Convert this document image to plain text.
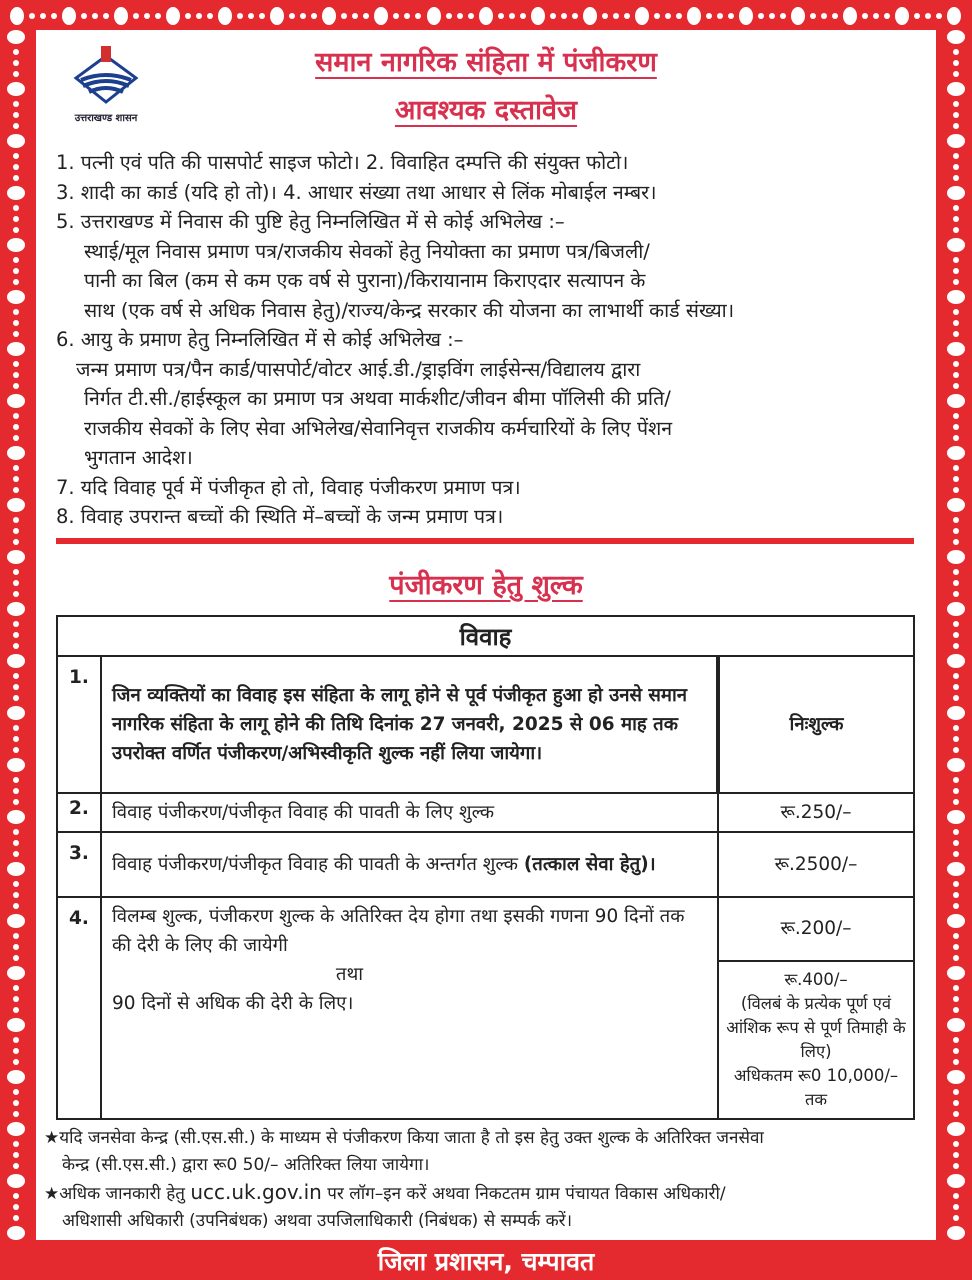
उत्तराखण्ड शासन
समान नागरिक संहिता में पंजीकरण
आवश्यक दस्तावेज
1. पत्नी एवं पति की पासपोर्ट साइज फोटो। 2. विवाहित दम्पत्ति की संयुक्त फोटो।
3. शादी का कार्ड (यदि हो तो)। 4. आधार संख्या तथा आधार से लिंक मोबाईल नम्बर।
5. उत्तराखण्ड में निवास की पुष्टि हेतु निम्नलिखित में से कोई अभिलेख :–
स्थाई/मूल निवास प्रमाण पत्र/राजकीय सेवकों हेतु नियोक्ता का प्रमाण पत्र/बिजली/
पानी का बिल (कम से कम एक वर्ष से पुराना)/किरायानाम किराएदार सत्यापन के
साथ (एक वर्ष से अधिक निवास हेतु)/राज्य/केन्द्र सरकार की योजना का लाभार्थी कार्ड संख्या।
6. आयु के प्रमाण हेतु निम्नलिखित में से कोई अभिलेख :–
जन्म प्रमाण पत्र/पैन कार्ड/पासपोर्ट/वोटर आई.डी./ड्राइविंग लाईसेन्स/विद्यालय द्वारा
निर्गत टी.सी./हाईस्कूल का प्रमाण पत्र अथवा मार्कशीट/जीवन बीमा पॉलिसी की प्रति/
राजकीय सेवकों के लिए सेवा अभिलेख/सेवानिवृत्त राजकीय कर्मचारियों के लिए पेंशन
भुगतान आदेश।
7. यदि विवाह पूर्व में पंजीकृत हो तो, विवाह पंजीकरण प्रमाण पत्र।
8. विवाह उपरान्त बच्चों की स्थिति में–बच्चों के जन्म प्रमाण पत्र।
पंजीकरण हेतु शुल्क
विवाह		
1.	जिन व्यक्तियों का विवाह इस संहिता के लागू होने से पूर्व पंजीकृत हुआ हो उनसे समान नागरिक संहिता के लागू होने की तिथि दिनांक 27 जनवरी, 2025 से 06 माह तक उपरोक्त वर्णित पंजीकरण/अभिस्वीकृति शुल्क नहीं लिया जायेगा।	निःशुल्क
2.	विवाह पंजीकरण/पंजीकृत विवाह की पावती के लिए शुल्क	रू.250/–
3.	विवाह पंजीकरण/पंजीकृत विवाह की पावती के अन्तर्गत शुल्क (तत्काल सेवा हेतु)।	रू.2500/–
4.	विलम्ब शुल्क, पंजीकरण शुल्क के अतिरिक्त देय होगा तथा इसकी गणना 90 दिनों तक की देरी के लिए की जायेगी
तथा
90 दिनों से अधिक की देरी के लिए।	रू.200/–

		रू.400/–
(विलबं के प्रत्येक पूर्ण एवं आंशिक रूप से पूर्ण तिमाही के लिए)
अधिकतम रू0 10,000/– तक
★यदि जनसेवा केन्द्र (सी.एस.सी.) के माध्यम से पंजीकरण किया जाता है तो इस हेतु उक्त शुल्क के अतिरिक्त जनसेवा
केन्द्र (सी.एस.सी.) द्वारा रू0 50/– अतिरिक्त लिया जायेगा।
★अधिक जानकारी हेतु ucc.uk.gov.in पर लॉग–इन करें अथवा निकटतम ग्राम पंचायत विकास अधिकारी/
अधिशासी अधिकारी (उपनिबंधक) अथवा उपजिलाधिकारी (निबंधक) से सम्पर्क करें।
जिला प्रशासन, चम्पावत
